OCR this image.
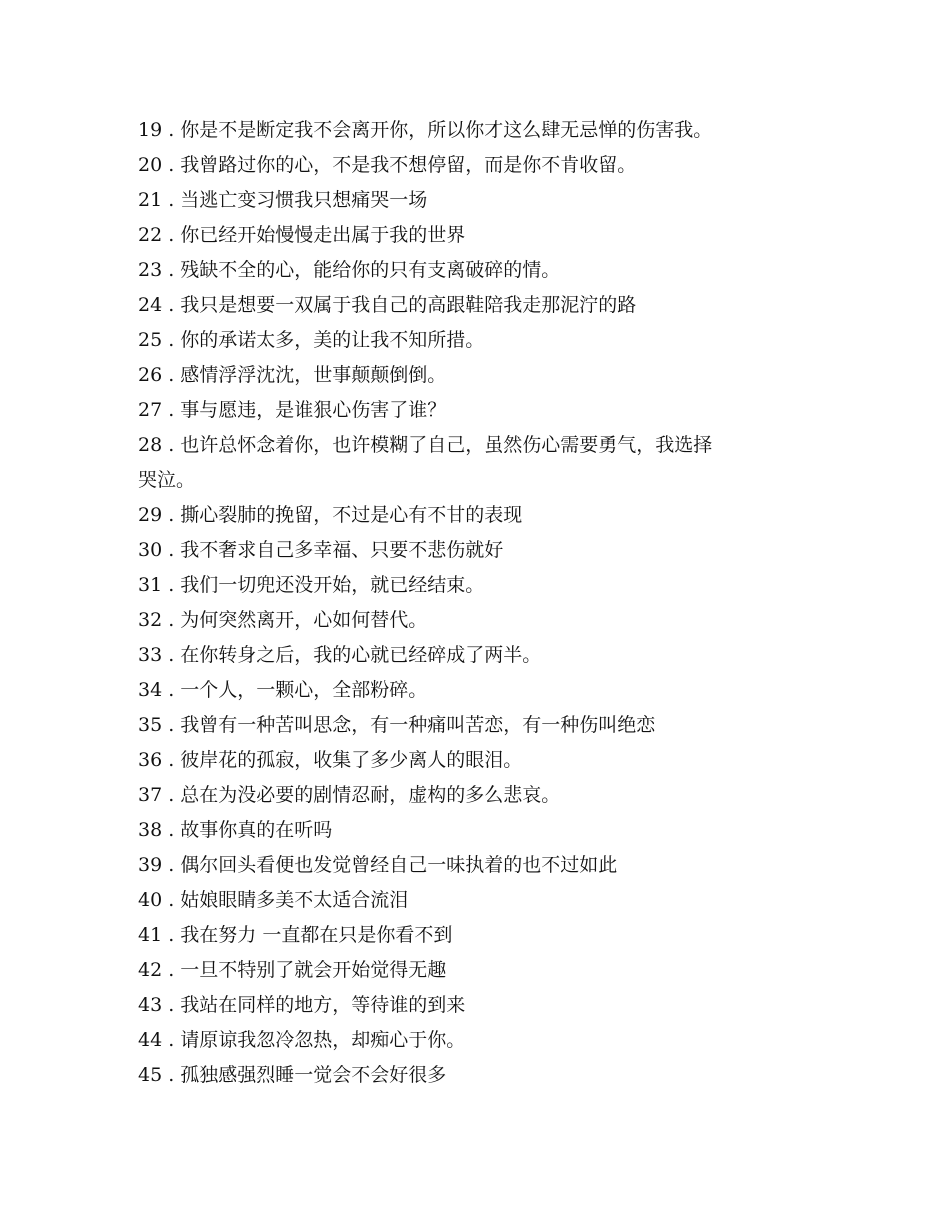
19 . 你是不是断定我不会离开你，所以你才这么肆无忌惮的伤害我。

20 . 我曾路过你的心，不是我不想停留，而是你不肯收留。

21 . 当逃亡变习惯我只想痛哭一场

22 . 你已经开始慢慢走出属于我的世界

23 . 残缺不全的心，能给你的只有支离破碎的情。

24 . 我只是想要一双属于我自己的高跟鞋陪我走那泥泞的路

25 . 你的承诺太多，美的让我不知所措。

26 . 感情浮浮沈沈，世事颠颠倒倒。

27 . 事与愿违，是谁狠心伤害了谁？

28 . 也许总怀念着你，也许模糊了自己，虽然伤心需要勇气，我选择

哭泣。

29 . 撕心裂肺的挽留，不过是心有不甘的表现

30 . 我不奢求自己多幸福、只要不悲伤就好

31 . 我们一切兜还没开始，就已经结束。

32 . 为何突然离开，心如何替代。

33 . 在你转身之后，我的心就已经碎成了两半。

34 . 一个人，一颗心，全部粉碎。

35 . 我曾有一种苦叫思念，有一种痛叫苦恋，有一种伤叫绝恋

36 . 彼岸花的孤寂，收集了多少离人的眼泪。

37 . 总在为没必要的剧情忍耐，虚构的多么悲哀。

38 . 故事你真的在听吗

39 . 偶尔回头看便也发觉曾经自己一味执着的也不过如此

40 . 姑娘眼睛多美不太适合流泪

41 . 我在努力 一直都在只是你看不到

42 . 一旦不特别了就会开始觉得无趣

43 . 我站在同样的地方，等待谁的到来

44 . 请原谅我忽冷忽热，却痴心于你。

45 . 孤独感强烈睡一觉会不会好很多
